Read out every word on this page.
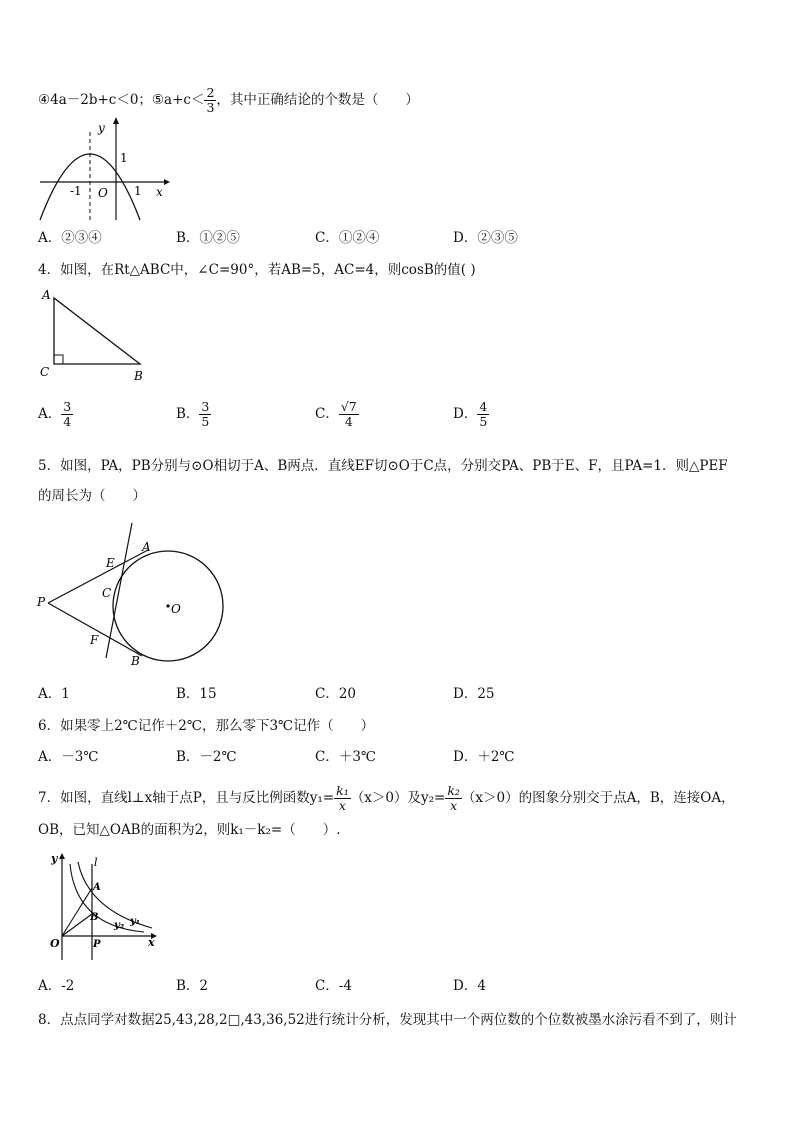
④4a－2b+c＜0；⑤a+c＜ $\frac{2}{3}$ ，其中正确结论的个数是（　　）
y
1
-1 O 1 x
A．②③④	B．①②⑤	C．①②④	D．②③⑤
4．如图，在Rt△ABC中，∠C=90°，若AB=5，AC=4，则cosB的值( )
A
C	B
A． $\frac{3}{4}$	B． $\frac{3}{5}$	C． $\frac{√7}{4}$	D． $\frac{4}{5}$
5．如图，PA，PB分别与⊙O相切于A、B两点．直线EF切⊙O于C点，分别交PA、PB于E、F，且PA=1．则△PEF
的周长为（　　）
P
E
A
C
O
F
B
A．1	B．15	C．20	D．25
6．如果零上2℃记作＋2℃，那么零下3℃记作（　　）
A．－3℃	B．－2℃	C．＋3℃	D．＋2℃
7．如图，直线l⊥x轴于点P，且与反比例函数$y_1= \frac{\text{k₁}}{x} (x>0)$及$y_2= \frac{\text{k₂}}{x} (x>0)$的图象分别交于点A，B，连接OA，
OB，已知△OAB的面积为2，则k₁－k₂=（　　）.
y	l
A
B	y₁
y₂
O	P	x
A．-2	B．2	C．-4	D．4
8．点点同学对数据25,43,28,2□,43,36,52进行统计分析，发现其中一个两位数的个位数被墨水涂污看不到了，则计
